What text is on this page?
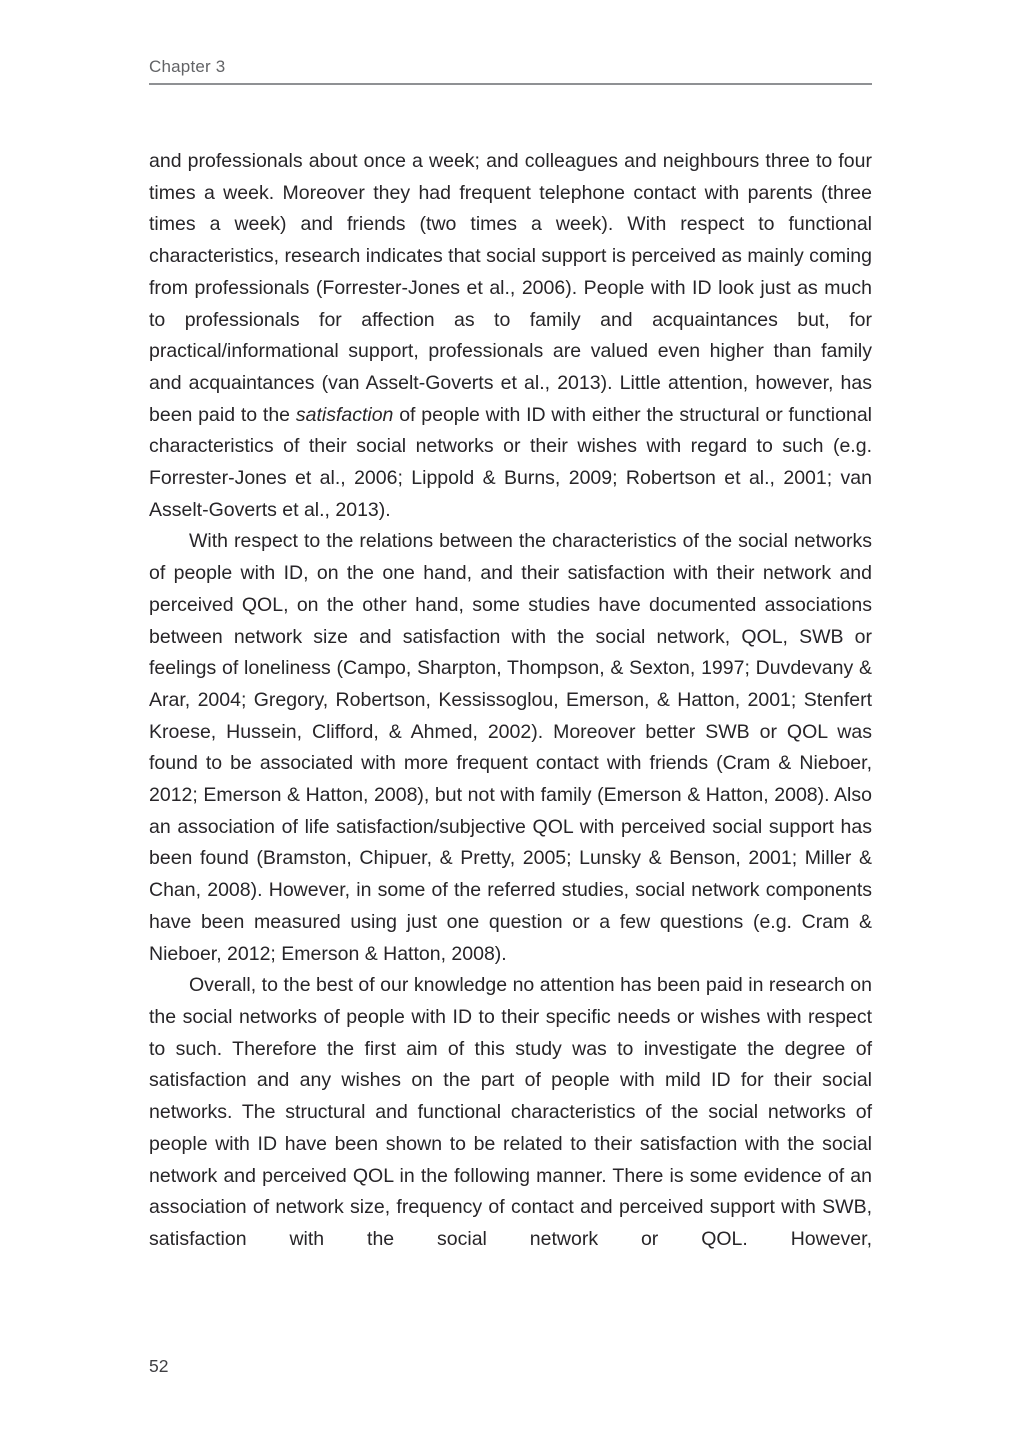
Chapter 3

and professionals about once a week; and colleagues and neighbours three to four times a week. Moreover they had frequent telephone contact with parents (three times a week) and friends (two times a week). With respect to functional characteristics, research indicates that social support is perceived as mainly coming from professionals (Forrester-Jones et al., 2006). People with ID look just as much to professionals for affection as to family and acquaintances but, for practical/informational support, professionals are valued even higher than family and acquaintances (van Asselt-Goverts et al., 2013). Little attention, however, has been paid to the satisfaction of people with ID with either the structural or functional characteristics of their social networks or their wishes with regard to such (e.g. Forrester-Jones et al., 2006; Lippold & Burns, 2009; Robertson et al., 2001; van Asselt-Goverts et al., 2013).

With respect to the relations between the characteristics of the social networks of people with ID, on the one hand, and their satisfaction with their network and perceived QOL, on the other hand, some studies have documented associations between network size and satisfaction with the social network, QOL, SWB or feelings of loneliness (Campo, Sharpton, Thompson, & Sexton, 1997; Duvdevany & Arar, 2004; Gregory, Robertson, Kessissoglou, Emerson, & Hatton, 2001; Stenfert Kroese, Hussein, Clifford, & Ahmed, 2002). Moreover better SWB or QOL was found to be associated with more frequent contact with friends (Cram & Nieboer, 2012; Emerson & Hatton, 2008), but not with family (Emerson & Hatton, 2008). Also an association of life satisfaction/subjective QOL with perceived social support has been found (Bramston, Chipuer, & Pretty, 2005; Lunsky & Benson, 2001; Miller & Chan, 2008). However, in some of the referred studies, social network components have been measured using just one question or a few questions (e.g. Cram & Nieboer, 2012; Emerson & Hatton, 2008).

Overall, to the best of our knowledge no attention has been paid in research on the social networks of people with ID to their specific needs or wishes with respect to such. Therefore the first aim of this study was to investigate the degree of satisfaction and any wishes on the part of people with mild ID for their social networks. The structural and functional characteristics of the social networks of people with ID have been shown to be related to their satisfaction with the social network and perceived QOL in the following manner. There is some evidence of an association of network size, frequency of contact and perceived support with SWB, satisfaction with the social network or QOL. However,

52
